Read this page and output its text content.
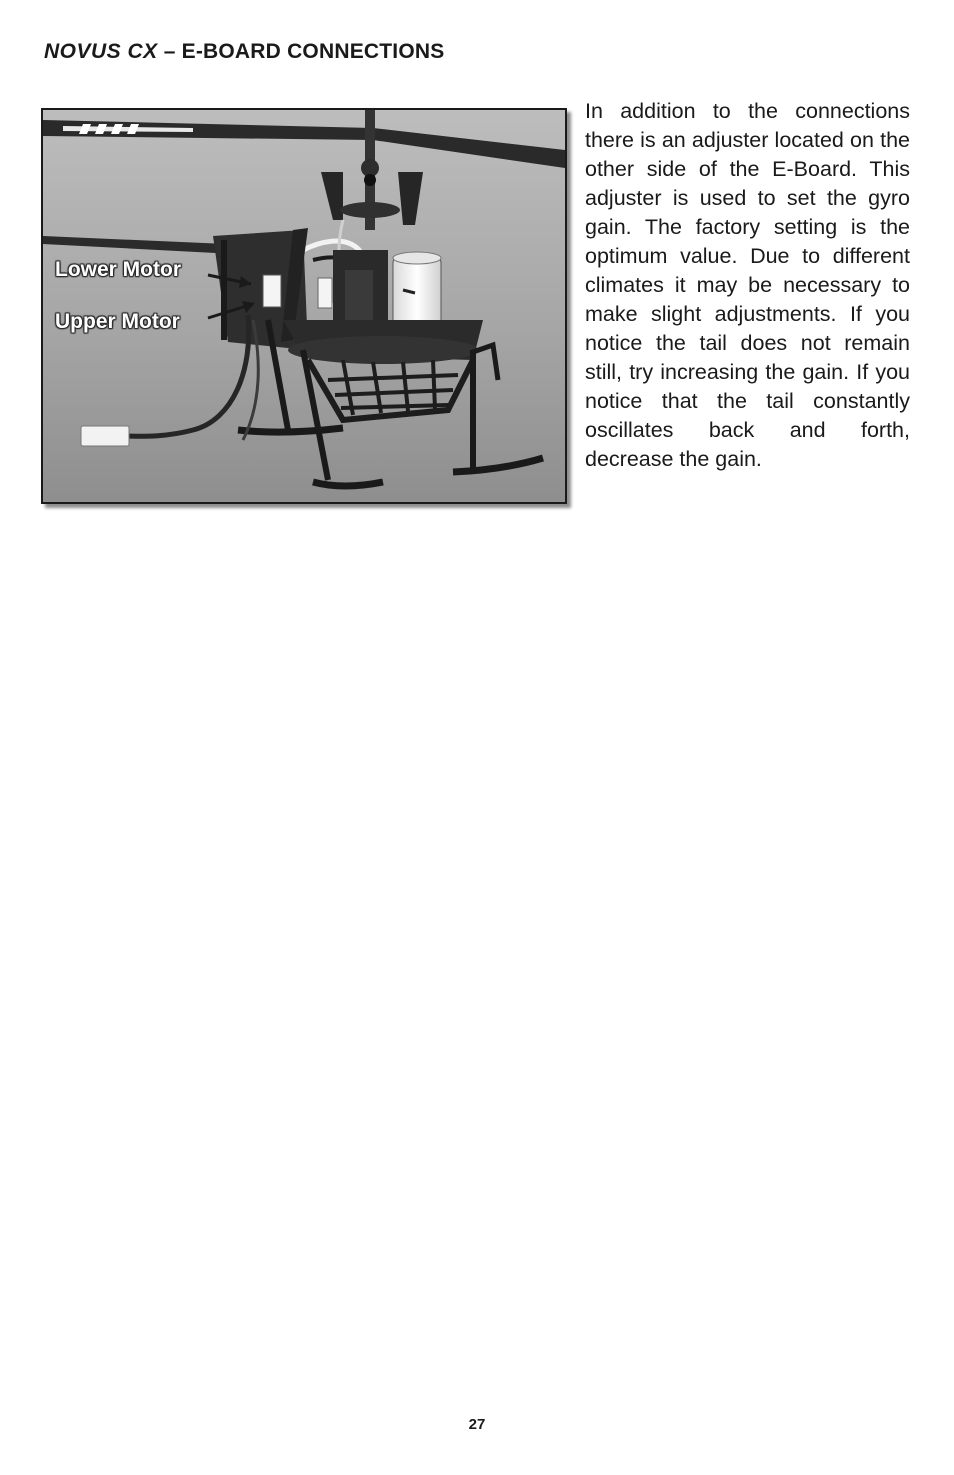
NOVUS CX – E-BOARD CONNECTIONS
Lower Motor
Upper Motor
In addition to the connections there is an adjuster located on the other side of the E-Board. This adjuster is used to set the gyro gain. The factory setting is the optimum value. Due to different climates it may be necessary to make slight adjustments. If you notice the tail does not remain still, try increasing the gain. If you notice that the tail constantly oscillates back and forth, decrease the gain.
27
